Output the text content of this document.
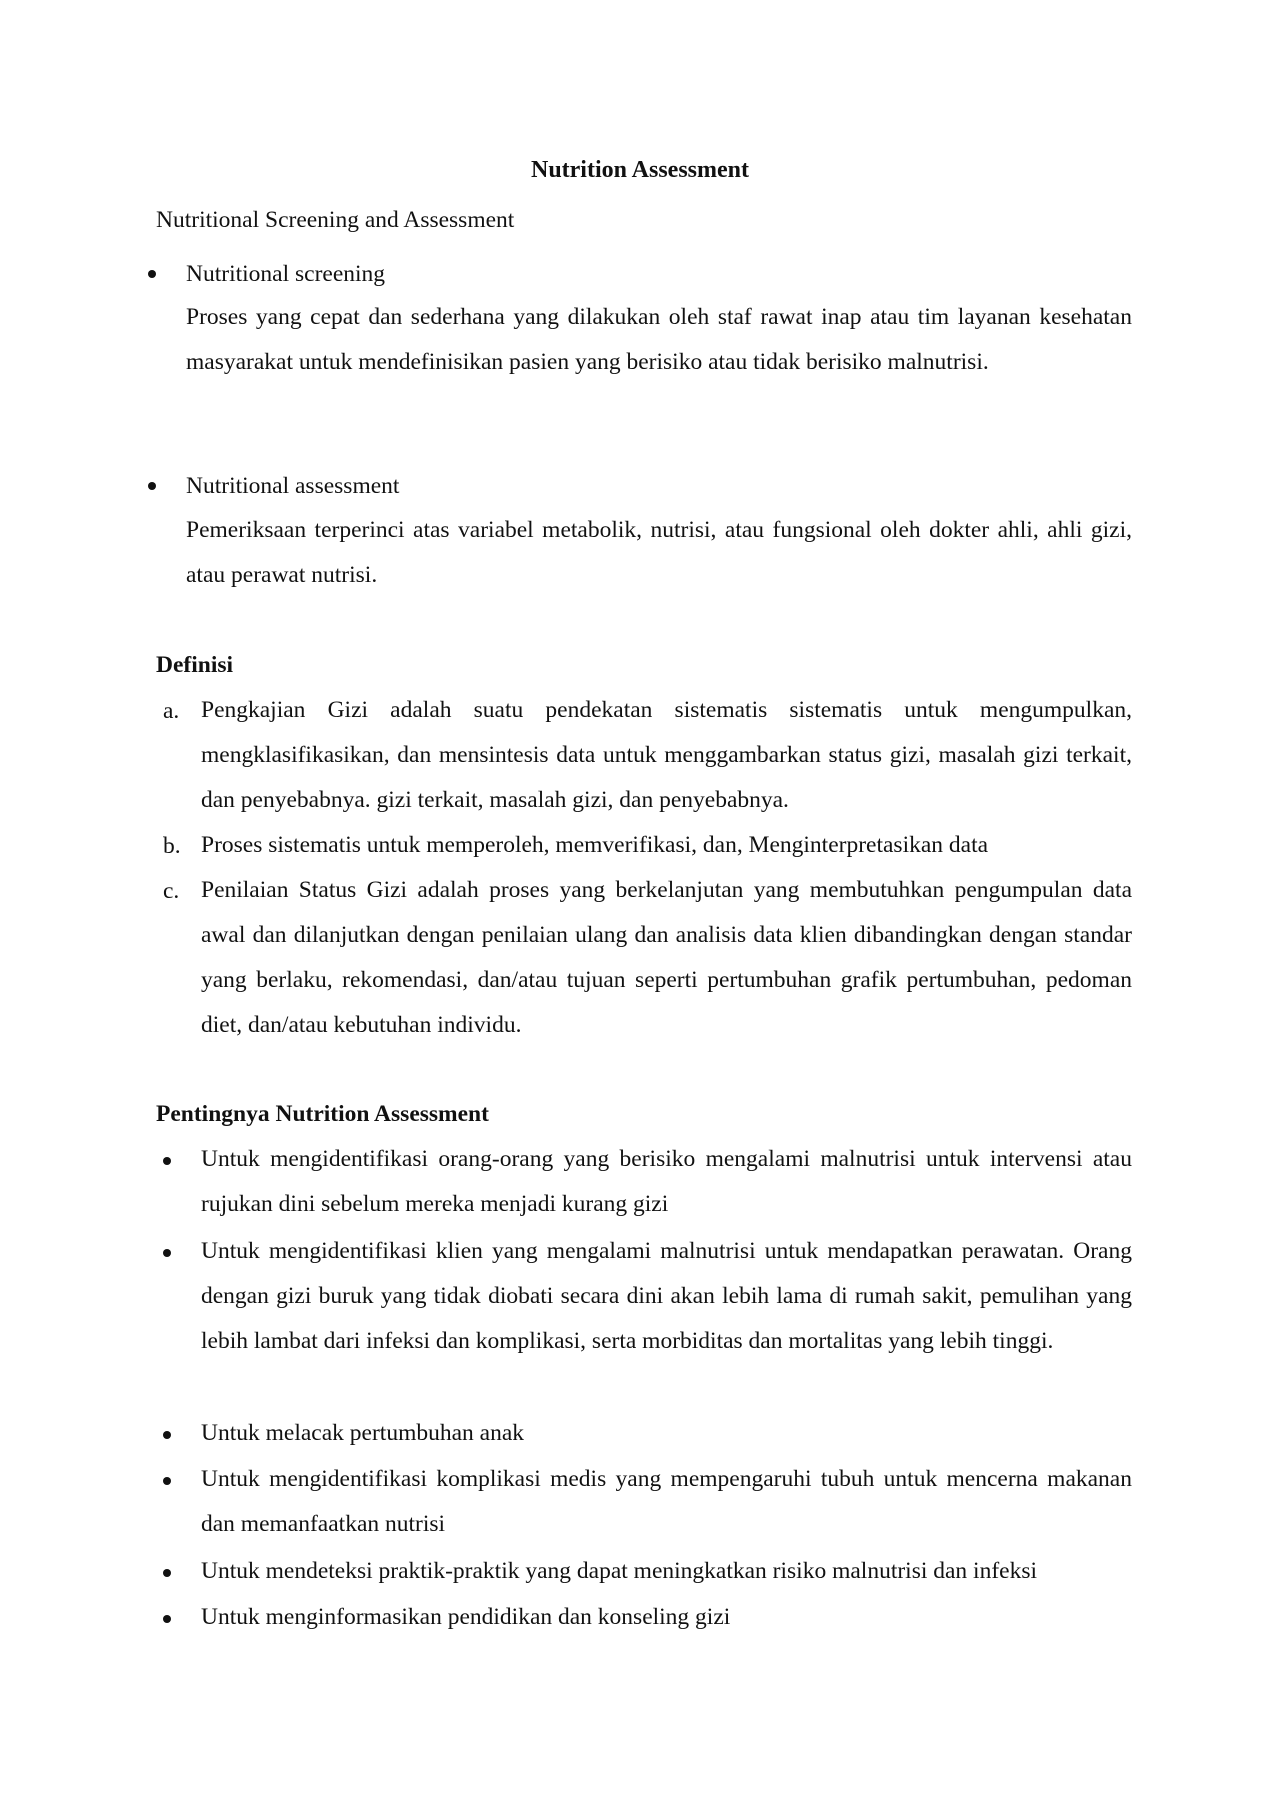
Nutrition Assessment
Nutritional Screening and Assessment
Nutritional screening

Proses yang cepat dan sederhana yang dilakukan oleh staf rawat inap atau tim layanan kesehatan masyarakat untuk mendefinisikan pasien yang berisiko atau tidak berisiko malnutrisi.

Nutritional assessment

Pemeriksaan terperinci atas variabel metabolik, nutrisi, atau fungsional oleh dokter ahli, ahli gizi, atau perawat nutrisi.

Definisi
a. Pengkajian Gizi adalah suatu pendekatan sistematis sistematis untuk mengumpulkan, mengklasifikasikan, dan mensintesis data untuk menggambarkan status gizi, masalah gizi terkait, dan penyebabnya. gizi terkait, masalah gizi, dan penyebabnya.

b. Proses sistematis untuk memperoleh, memverifikasi, dan, Menginterpretasikan data

c. Penilaian Status Gizi adalah proses yang berkelanjutan yang membutuhkan pengumpulan data awal dan dilanjutkan dengan penilaian ulang dan analisis data klien dibandingkan dengan standar yang berlaku, rekomendasi, dan/atau tujuan seperti pertumbuhan grafik pertumbuhan, pedoman diet, dan/atau kebutuhan individu.

Pentingnya Nutrition Assessment

Untuk mengidentifikasi orang-orang yang berisiko mengalami malnutrisi untuk intervensi atau rujukan dini sebelum mereka menjadi kurang gizi

Untuk mengidentifikasi klien yang mengalami malnutrisi untuk mendapatkan perawatan. Orang dengan gizi buruk yang tidak diobati secara dini akan lebih lama di rumah sakit, pemulihan yang lebih lambat dari infeksi dan komplikasi, serta morbiditas dan mortalitas yang lebih tinggi.

Untuk melacak pertumbuhan anak

Untuk mengidentifikasi komplikasi medis yang mempengaruhi tubuh untuk mencerna makanan dan memanfaatkan nutrisi

Untuk mendeteksi praktik-praktik yang dapat meningkatkan risiko malnutrisi dan infeksi

Untuk menginformasikan pendidikan dan konseling gizi
